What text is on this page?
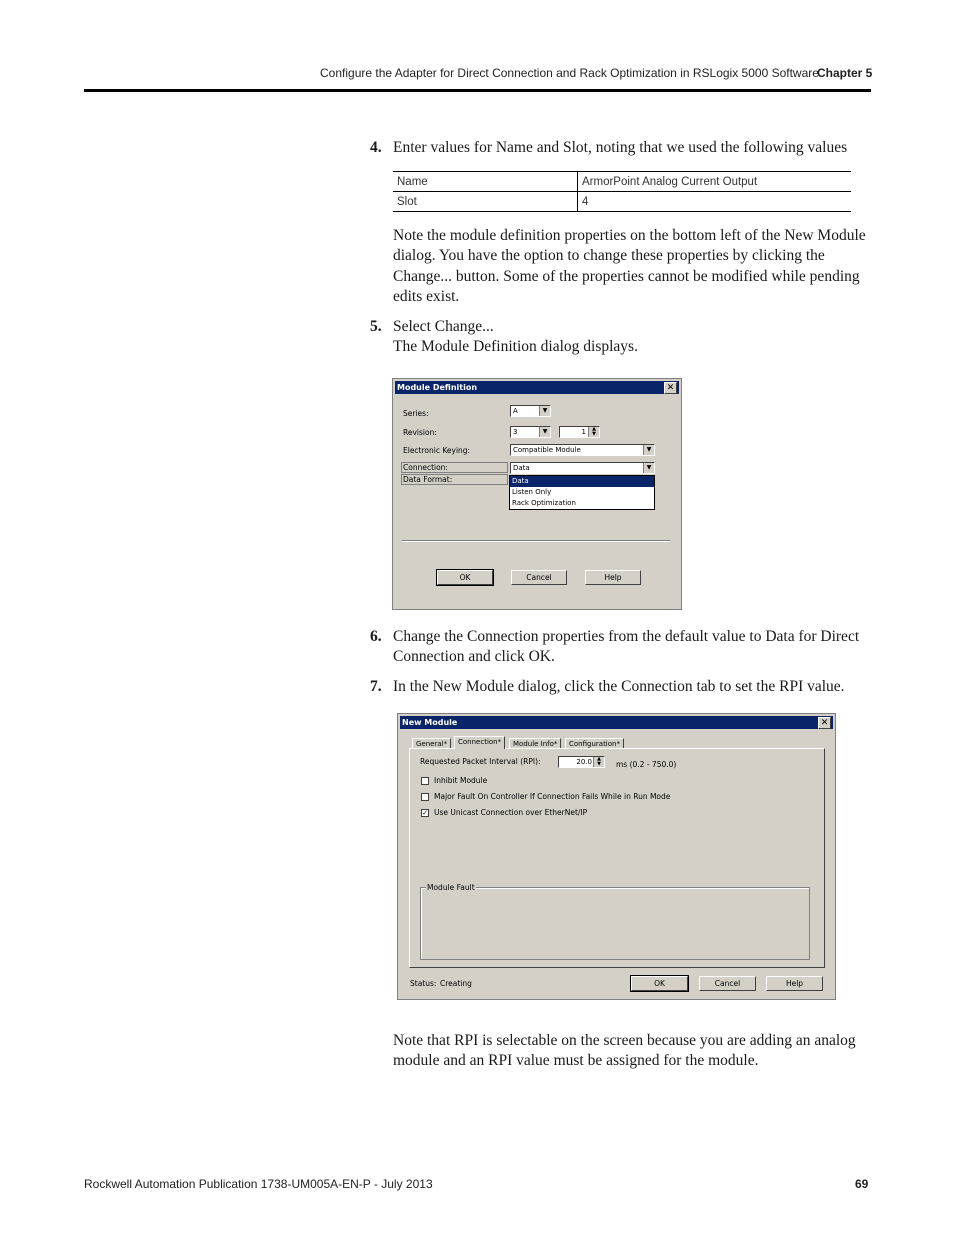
Configure the Adapter for Direct Connection and Rack Optimization in RSLogix 5000 Software
Chapter 5
4. Enter values for Name and Slot, noting that we used the following values
Name	ArmorPoint Analog Current Output
Slot	4
Note the module definition properties on the bottom left of the New Module dialog. You have the option to change these properties by clicking the Change... button. Some of the properties cannot be modified while pending edits exist.
5. Select Change...
The Module Definition dialog displays.
Module Definition	✕
Series:	A	▼
Revision:	3	▼	1	▲
▼
Electronic Keying:	Compatible Module	▼
Connection:	Data	▼
Data Format:	Data
Listen Only
Rack Optimization
OK	Cancel	Help
6. Change the Connection properties from the default value to Data for Direct Connection and click OK.
7. In the New Module dialog, click the Connection tab to set the RPI value.
New Module	✕
General*	Connection*	Module Info*	Configuration*
Requested Packet Interval (RPI):	20.0	▲
▼	ms (0.2 - 750.0)
Inhibit Module
Major Fault On Controller If Connection Fails While in Run Mode
✓ Use Unicast Connection over EtherNet/IP
Module Fault
Status: Creating	OK	Cancel	Help
Note that RPI is selectable on the screen because you are adding an analog module and an RPI value must be assigned for the module.
Rockwell Automation Publication 1738-UM005A-EN-P - July 2013	69
